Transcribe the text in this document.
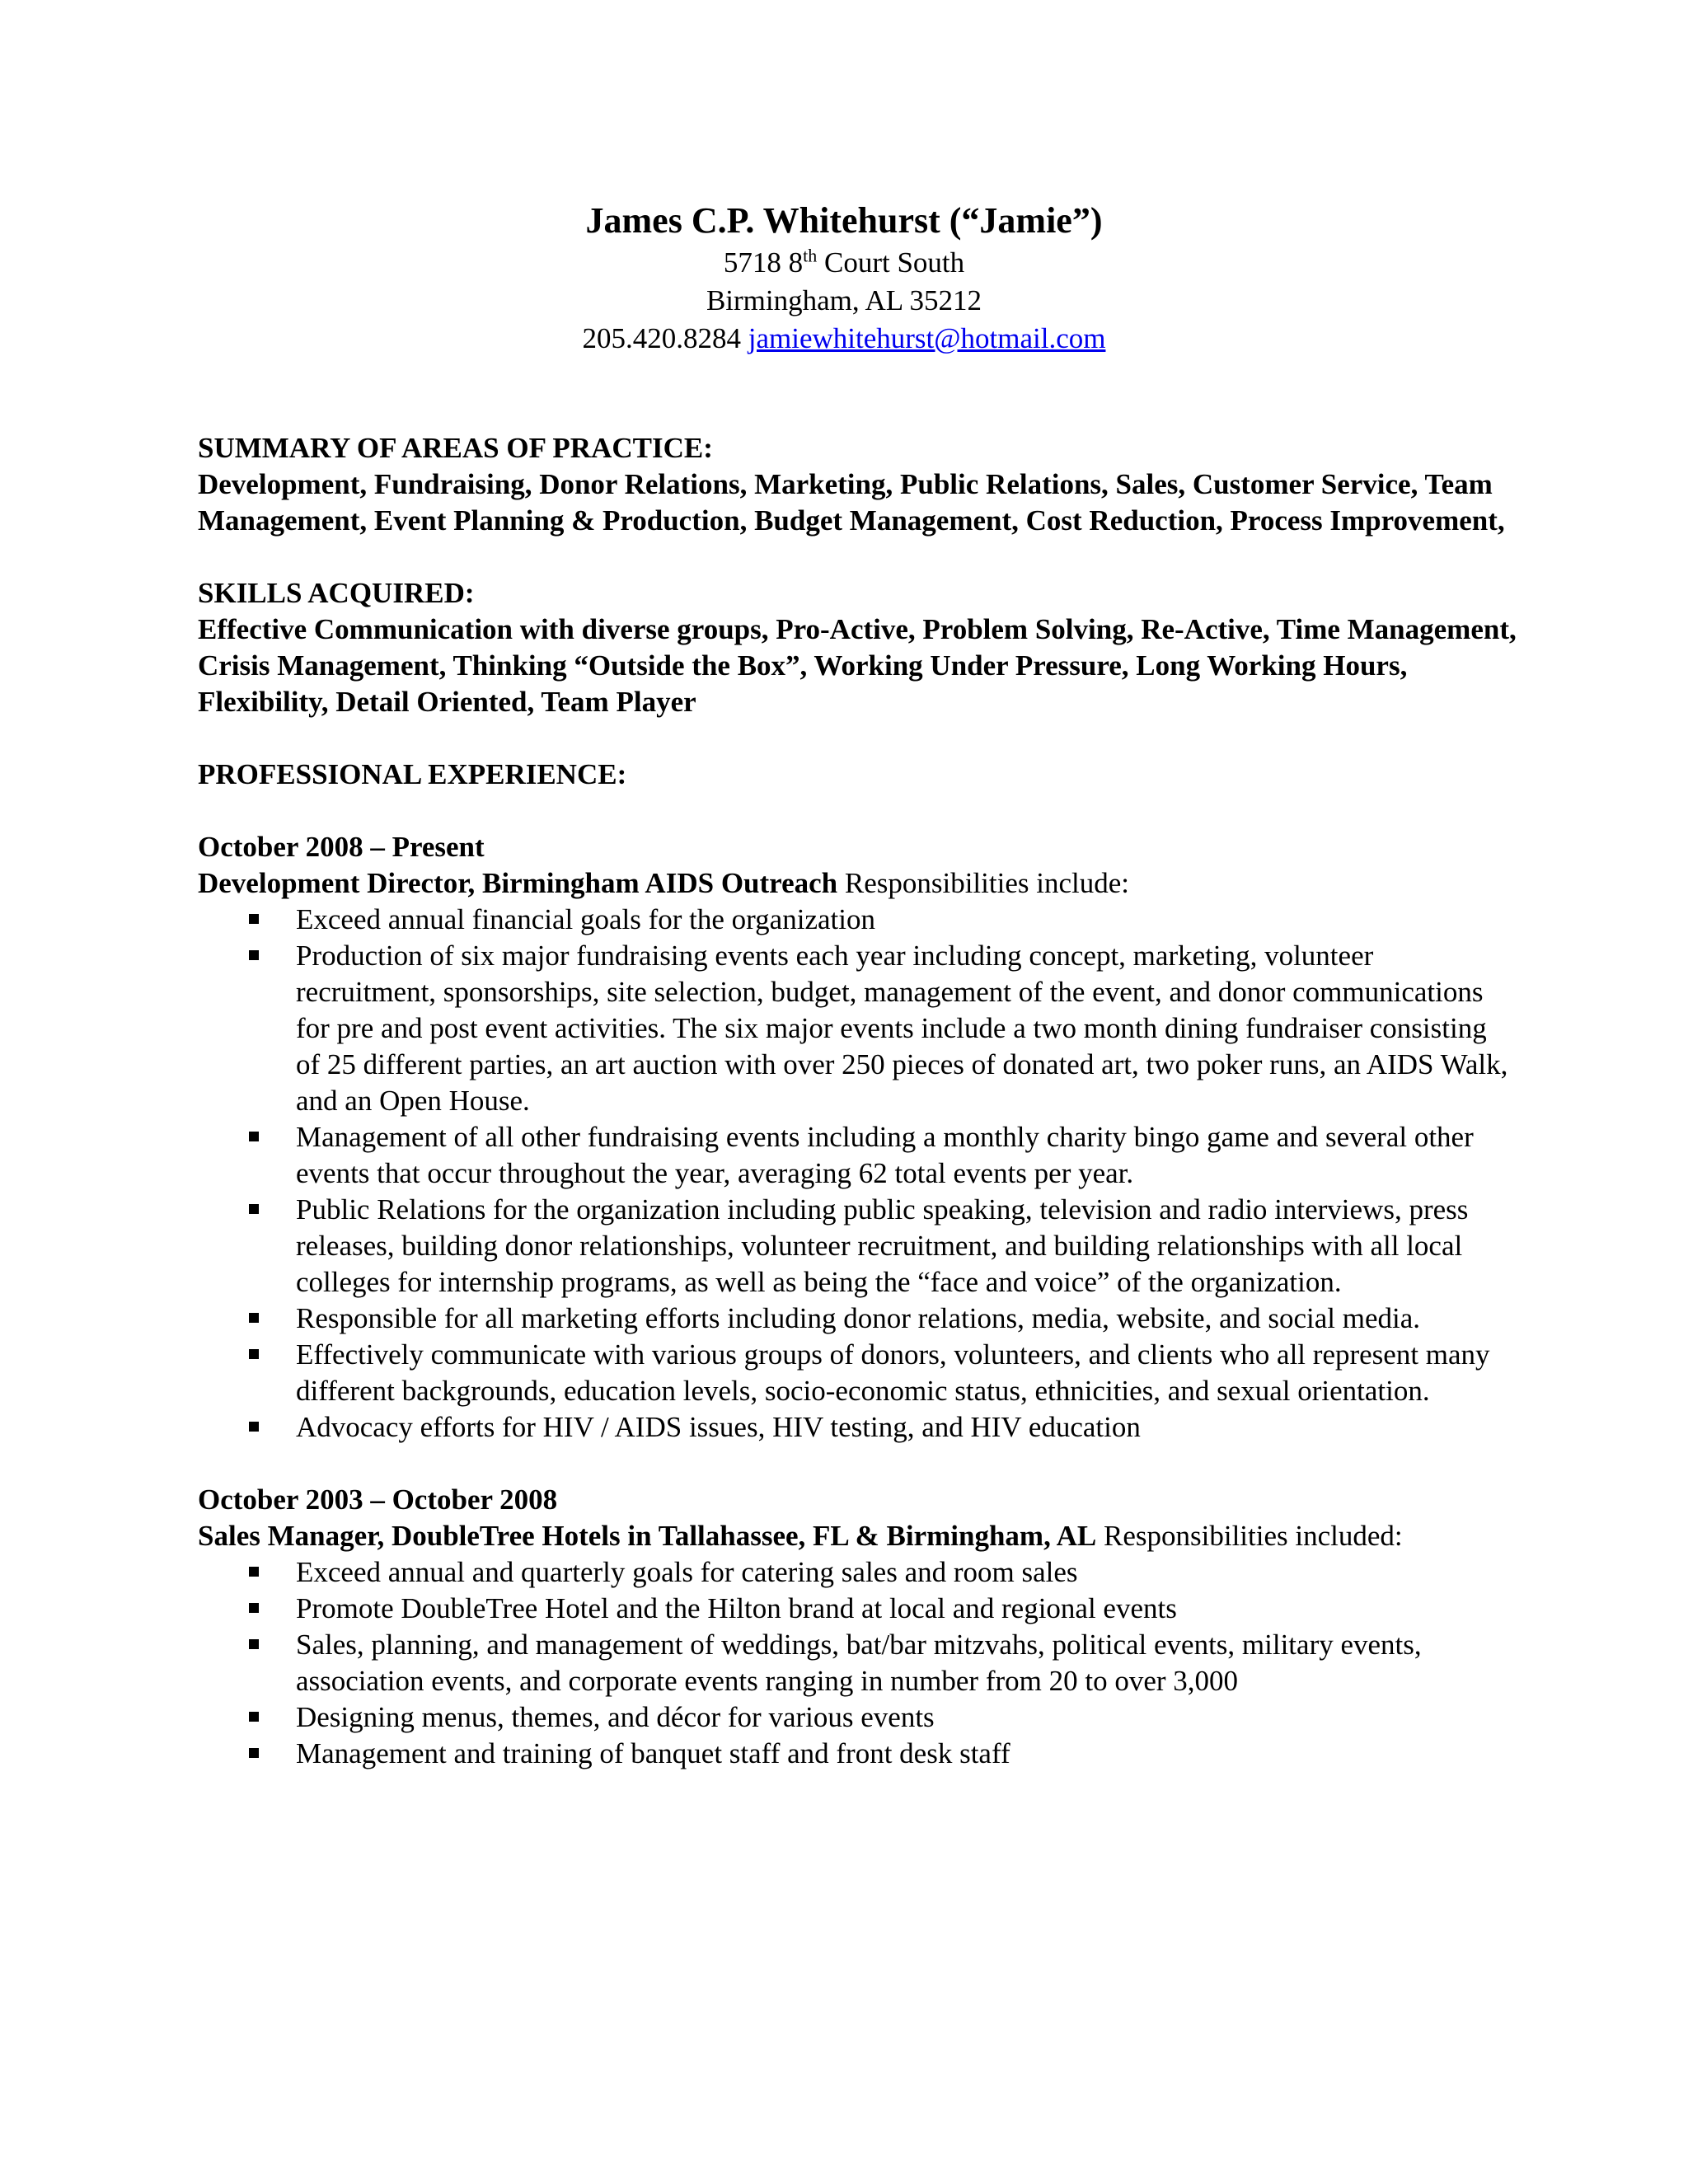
James C.P. Whitehurst (“Jamie”)

5718 8th Court South

Birmingham, AL 35212

205.420.8284 jamiewhitehurst@hotmail.com

SUMMARY OF AREAS OF PRACTICE:

Development, Fundraising, Donor Relations, Marketing, Public Relations, Sales, Customer Service, Team Management, Event Planning & Production, Budget Management, Cost Reduction, Process Improvement,

SKILLS ACQUIRED:

Effective Communication with diverse groups, Pro-Active, Problem Solving, Re-Active, Time Management, Crisis Management, Thinking “Outside the Box”, Working Under Pressure, Long Working Hours, Flexibility, Detail Oriented, Team Player

PROFESSIONAL EXPERIENCE:

October 2008 – Present

Development Director, Birmingham AIDS Outreach Responsibilities include:

Exceed annual financial goals for the organization
Production of six major fundraising events each year including concept, marketing, volunteer recruitment, sponsorships, site selection, budget, management of the event, and donor communications for pre and post event activities. The six major events include a two month dining fundraiser consisting of 25 different parties, an art auction with over 250 pieces of donated art, two poker runs, an AIDS Walk, and an Open House.
Management of all other fundraising events including a monthly charity bingo game and several other events that occur throughout the year, averaging 62 total events per year.
Public Relations for the organization including public speaking, television and radio interviews, press releases, building donor relationships, volunteer recruitment, and building relationships with all local colleges for internship programs, as well as being the “face and voice” of the organization.
Responsible for all marketing efforts including donor relations, media, website, and social media.
Effectively communicate with various groups of donors, volunteers, and clients who all represent many different backgrounds, education levels, socio-economic status, ethnicities, and sexual orientation.
Advocacy efforts for HIV / AIDS issues, HIV testing, and HIV education

October 2003 – October 2008

Sales Manager, DoubleTree Hotels in Tallahassee, FL & Birmingham, AL Responsibilities included:

Exceed annual and quarterly goals for catering sales and room sales
Promote DoubleTree Hotel and the Hilton brand at local and regional events
Sales, planning, and management of weddings, bat/bar mitzvahs, political events, military events, association events, and corporate events ranging in number from 20 to over 3,000
Designing menus, themes, and décor for various events
Management and training of banquet staff and front desk staff
